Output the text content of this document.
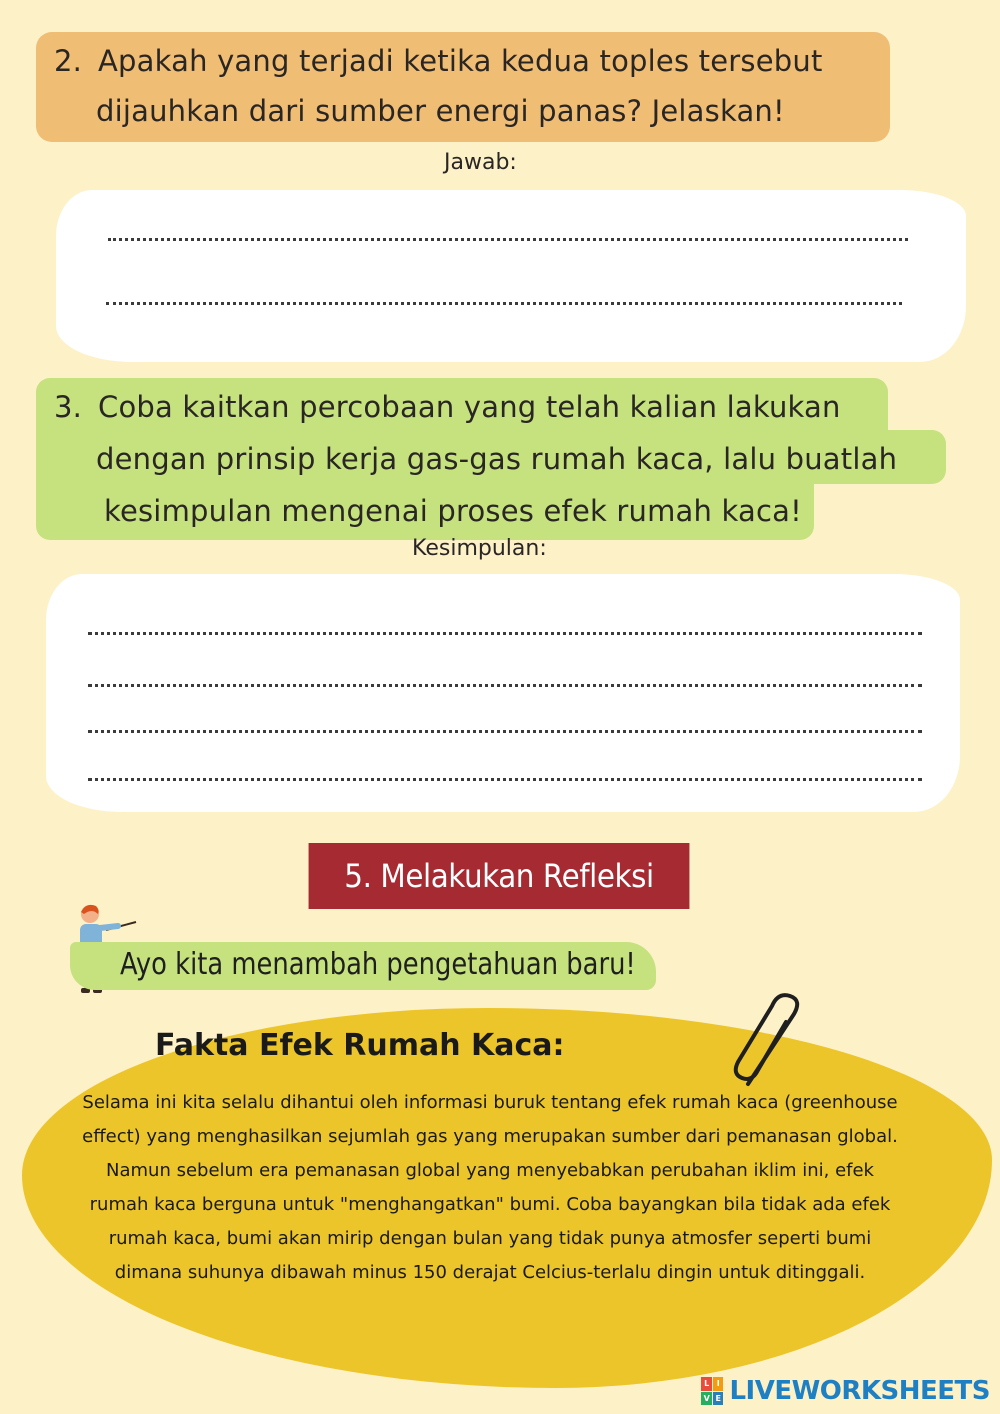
2. Apakah yang terjadi ketika kedua toples tersebut
dijauhkan dari sumber energi panas? Jelaskan!
Jawab:
3. Coba kaitkan percobaan yang telah kalian lakukan
dengan prinsip kerja gas-gas rumah kaca, lalu buatlah
kesimpulan mengenai proses efek rumah kaca!
Kesimpulan:
5. Melakukan Refleksi
Ayo kita menambah pengetahuan baru!
Fakta Efek Rumah Kaca:
Selama ini kita selalu dihantui oleh informasi buruk tentang efek rumah kaca (greenhouse effect) yang menghasilkan sejumlah gas yang merupakan sumber dari pemanasan global. Namun sebelum era pemanasan global yang menyebabkan perubahan iklim ini, efek rumah kaca berguna untuk "menghangatkan" bumi. Coba bayangkan bila tidak ada efek rumah kaca, bumi akan mirip dengan bulan yang tidak punya atmosfer seperti bumi dimana suhunya dibawah minus 150 derajat Celcius-terlalu dingin untuk ditinggali.
L I
V E LIVEWORKSHEETS
